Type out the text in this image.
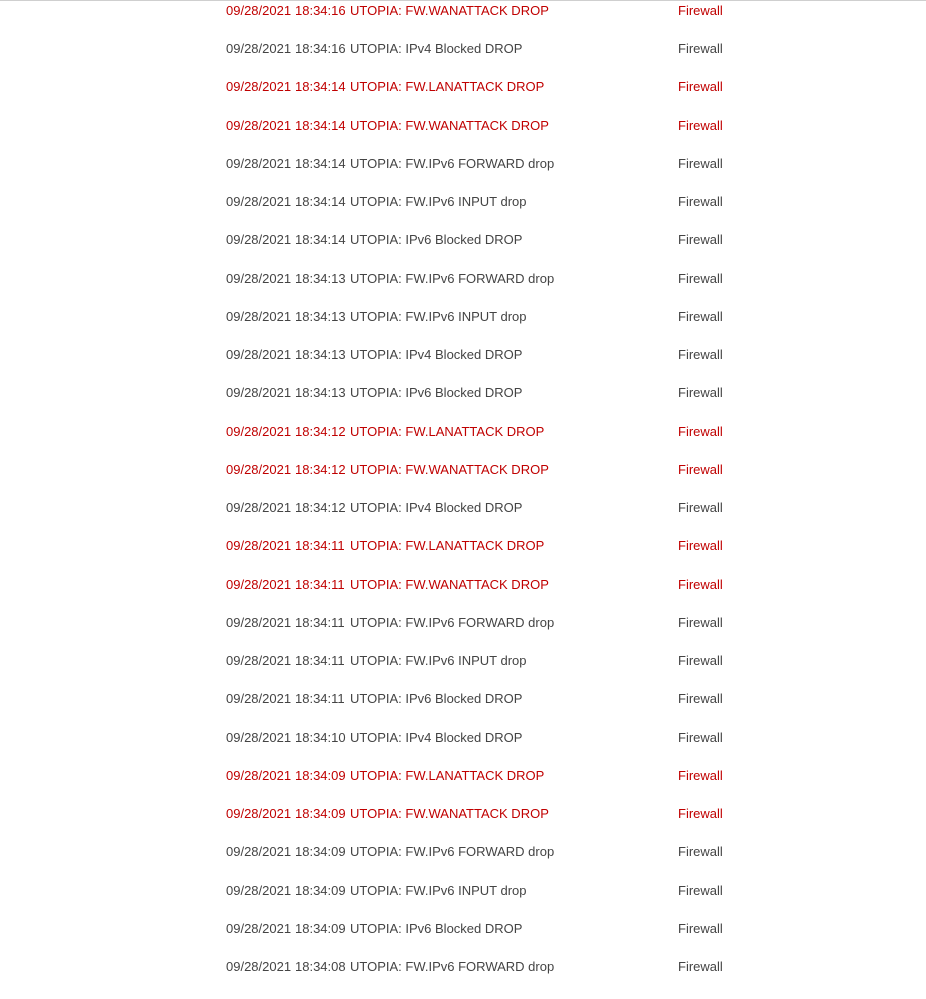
09/28/2021 18:34:16 UTOPIA: FW.WANATTACK DROP	Firewall
09/28/2021 18:34:16 UTOPIA: IPv4 Blocked DROP	Firewall
09/28/2021 18:34:14 UTOPIA: FW.LANATTACK DROP	Firewall
09/28/2021 18:34:14 UTOPIA: FW.WANATTACK DROP	Firewall
09/28/2021 18:34:14 UTOPIA: FW.IPv6 FORWARD drop	Firewall
09/28/2021 18:34:14 UTOPIA: FW.IPv6 INPUT drop	Firewall
09/28/2021 18:34:14 UTOPIA: IPv6 Blocked DROP	Firewall
09/28/2021 18:34:13 UTOPIA: FW.IPv6 FORWARD drop	Firewall
09/28/2021 18:34:13 UTOPIA: FW.IPv6 INPUT drop	Firewall
09/28/2021 18:34:13 UTOPIA: IPv4 Blocked DROP	Firewall
09/28/2021 18:34:13 UTOPIA: IPv6 Blocked DROP	Firewall
09/28/2021 18:34:12 UTOPIA: FW.LANATTACK DROP	Firewall
09/28/2021 18:34:12 UTOPIA: FW.WANATTACK DROP	Firewall
09/28/2021 18:34:12 UTOPIA: IPv4 Blocked DROP	Firewall
09/28/2021 18:34:11 UTOPIA: FW.LANATTACK DROP	Firewall
09/28/2021 18:34:11 UTOPIA: FW.WANATTACK DROP	Firewall
09/28/2021 18:34:11 UTOPIA: FW.IPv6 FORWARD drop	Firewall
09/28/2021 18:34:11 UTOPIA: FW.IPv6 INPUT drop	Firewall
09/28/2021 18:34:11 UTOPIA: IPv6 Blocked DROP	Firewall
09/28/2021 18:34:10 UTOPIA: IPv4 Blocked DROP	Firewall
09/28/2021 18:34:09 UTOPIA: FW.LANATTACK DROP	Firewall
09/28/2021 18:34:09 UTOPIA: FW.WANATTACK DROP	Firewall
09/28/2021 18:34:09 UTOPIA: FW.IPv6 FORWARD drop	Firewall
09/28/2021 18:34:09 UTOPIA: FW.IPv6 INPUT drop	Firewall
09/28/2021 18:34:09 UTOPIA: IPv6 Blocked DROP	Firewall
09/28/2021 18:34:08 UTOPIA: FW.IPv6 FORWARD drop	Firewall
